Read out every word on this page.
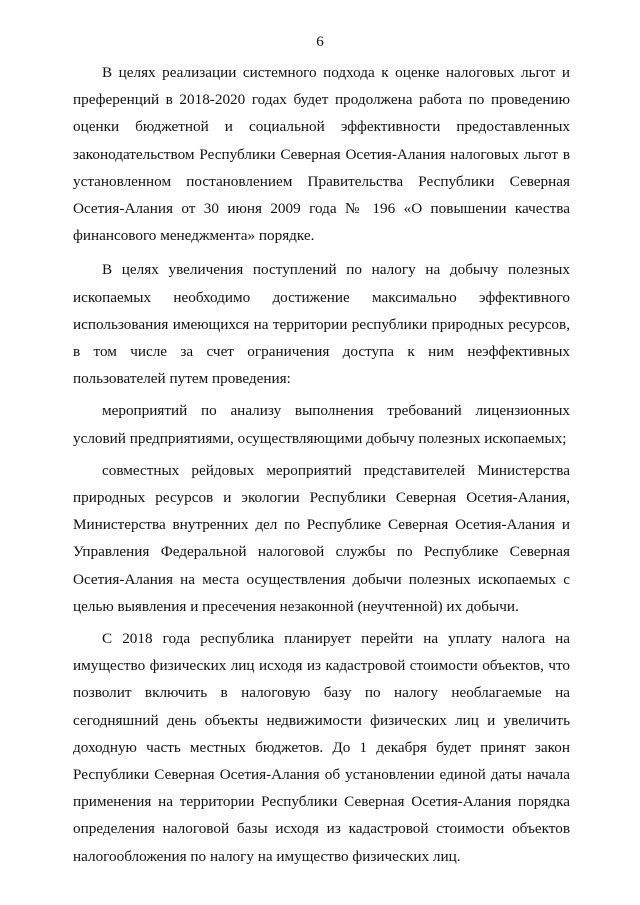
6

В целях реализации системного подхода к оценке налоговых льгот и преференций в 2018-2020 годах будет продолжена работа по проведению оценки бюджетной и социальной эффективности предоставленных законодательством Республики Северная Осетия-Алания налоговых льгот в установленном постановлением Правительства Республики Северная Осетия-Алания от 30 июня 2009 года № 196 «О повышении качества финансового менеджмента» порядке.

В целях увеличения поступлений по налогу на добычу полезных ископаемых необходимо достижение максимально эффективного использования имеющихся на территории республики природных ресурсов, в том числе за счет ограничения доступа к ним неэффективных пользователей путем проведения:

мероприятий по анализу выполнения требований лицензионных условий предприятиями, осуществляющими добычу полезных ископаемых;

совместных рейдовых мероприятий представителей Министерства природных ресурсов и экологии Республики Северная Осетия-Алания, Министерства внутренних дел по Республике Северная Осетия-Алания и Управления Федеральной налоговой службы по Республике Северная Осетия-Алания на места осуществления добычи полезных ископаемых с целью выявления и пресечения незаконной (неучтенной) их добычи.

С 2018 года республика планирует перейти на уплату налога на имущество физических лиц исходя из кадастровой стоимости объектов, что позволит включить в налоговую базу по налогу необлагаемые на сегодняшний день объекты недвижимости физических лиц и увеличить доходную часть местных бюджетов. До 1 декабря будет принят закон Республики Северная Осетия-Алания об установлении единой даты начала применения на территории Республики Северная Осетия-Алания порядка определения налоговой базы исходя из кадастровой стоимости объектов налогообложения по налогу на имущество физических лиц.
